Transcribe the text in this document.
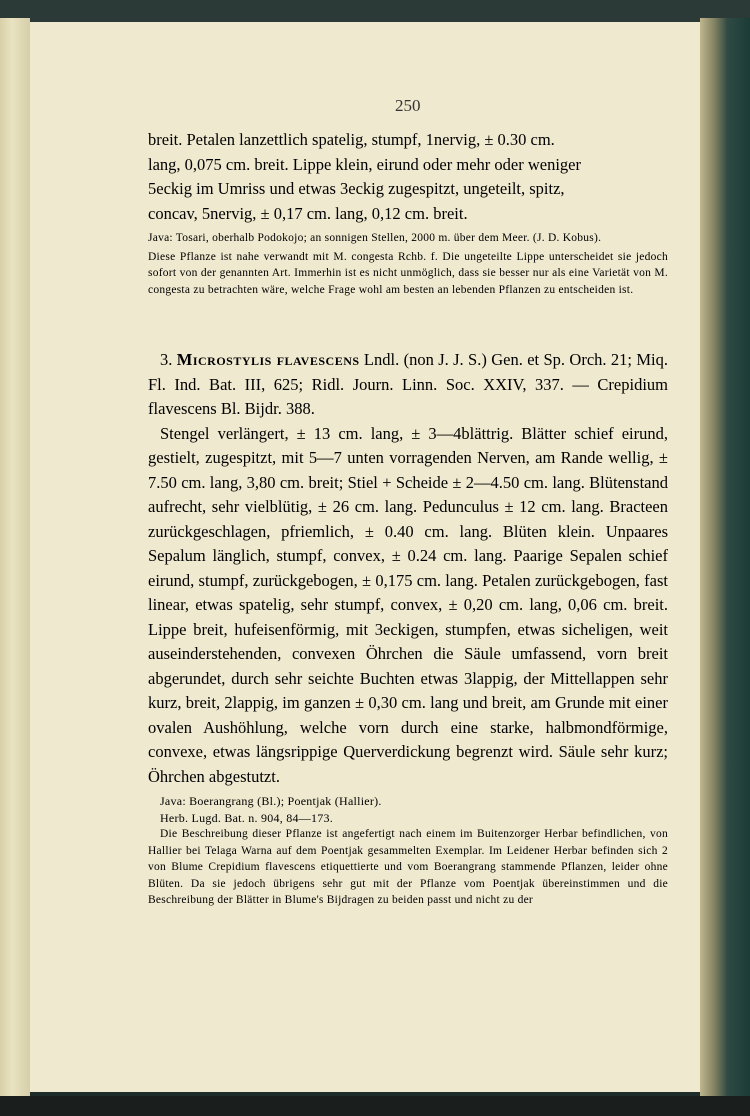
250

breit. Petalen lanzettlich spatelig, stumpf, 1nervig, ± 0.30 cm.

lang, 0,075 cm. breit. Lippe klein, eirund oder mehr oder weniger

5eckig im Umriss und etwas 3eckig zugespitzt, ungeteilt, spitz,

concav, 5nervig, ± 0,17 cm. lang, 0,12 cm. breit.

Java: Tosari, oberhalb Podokojo; an sonnigen Stellen, 2000 m. über dem Meer. (J. D. Kobus).

Diese Pflanze ist nahe verwandt mit M. congesta Rchb. f. Die ungeteilte Lippe unterscheidet sie jedoch sofort von der genannten Art. Immerhin ist es nicht unmöglich, dass sie besser nur als eine Varietät von M. congesta zu betrachten wäre, welche Frage wohl am besten an lebenden Pflanzen zu entscheiden ist.

3. Microstylis flavescens Lndl. (non J. J. S.) Gen. et Sp. Orch. 21; Miq. Fl. Ind. Bat. III, 625; Ridl. Journ. Linn. Soc. XXIV, 337. — Crepidium flavescens Bl. Bijdr. 388.

Stengel verlängert, ± 13 cm. lang, ± 3—4blättrig. Blätter schief eirund, gestielt, zugespitzt, mit 5—7 unten vorragenden Nerven, am Rande wellig, ± 7.50 cm. lang, 3,80 cm. breit; Stiel + Scheide ± 2—4.50 cm. lang. Blütenstand aufrecht, sehr vielblütig, ± 26 cm. lang. Pedunculus ± 12 cm. lang. Bracteen zurückgeschlagen, pfriemlich, ± 0.40 cm. lang. Blüten klein. Unpaares Sepalum länglich, stumpf, convex, ± 0.24 cm. lang. Paarige Sepalen schief eirund, stumpf, zurückgebogen, ± 0,175 cm. lang. Petalen zurückgebogen, fast linear, etwas spatelig, sehr stumpf, convex, ± 0,20 cm. lang, 0,06 cm. breit. Lippe breit, hufeisenförmig, mit 3eckigen, stumpfen, etwas sicheligen, weit auseinderstehenden, convexen Öhrchen die Säule umfassend, vorn breit abgerundet, durch sehr seichte Buchten etwas 3lappig, der Mittellappen sehr kurz, breit, 2lappig, im ganzen ± 0,30 cm. lang und breit, am Grunde mit einer ovalen Aushöhlung, welche vorn durch eine starke, halbmondförmige, convexe, etwas längsrippige Querverdickung begrenzt wird. Säule sehr kurz; Öhrchen abgestutzt.

Java: Boerangrang (Bl.); Poentjak (Hallier).

Herb. Lugd. Bat. n. 904, 84—173.

Die Beschreibung dieser Pflanze ist angefertigt nach einem im Buitenzorger Herbar befindlichen, von Hallier bei Telaga Warna auf dem Poentjak gesammelten Exemplar. Im Leidener Herbar befinden sich 2 von Blume Crepidium flavescens etiquettierte und vom Boerangrang stammende Pflanzen, leider ohne Blüten. Da sie jedoch übrigens sehr gut mit der Pflanze vom Poentjak übereinstimmen und die Beschreibung der Blätter in Blume's Bijdragen zu beiden passt und nicht zu der
